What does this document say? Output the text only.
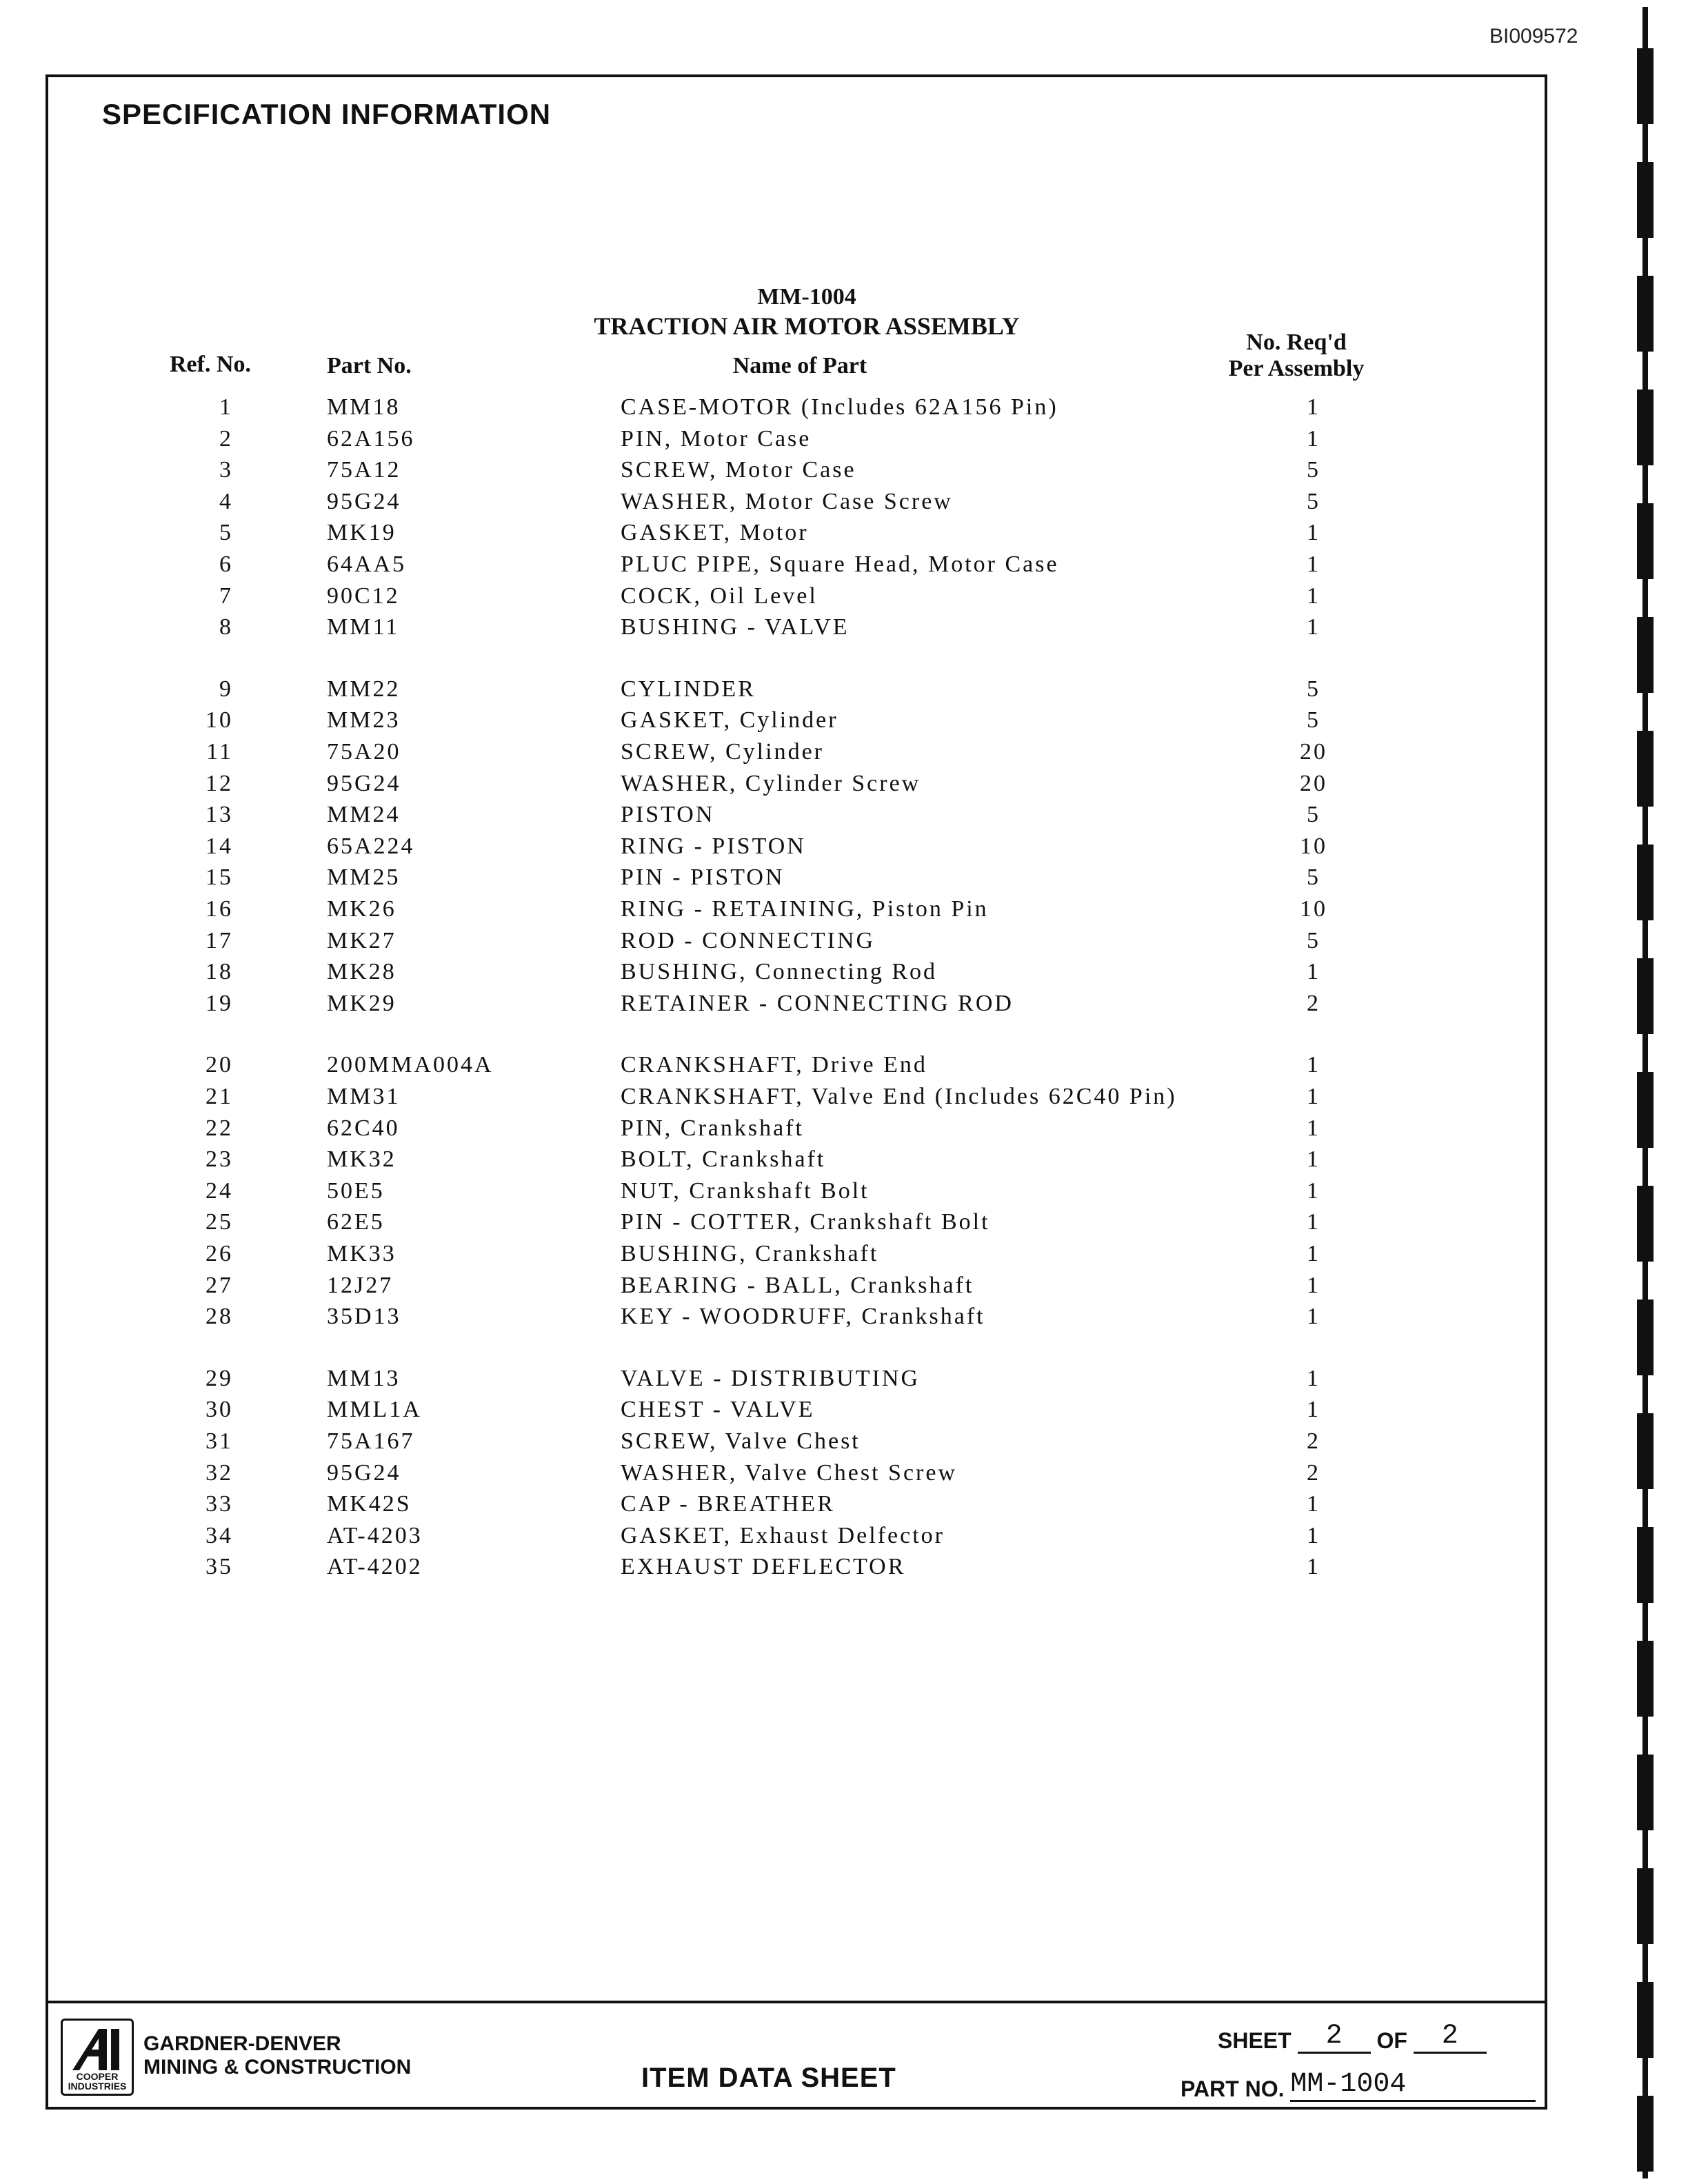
BI009572
SPECIFICATION INFORMATION
MM-1004
TRACTION AIR MOTOR ASSEMBLY
Ref. No.	Part No.	Name of Part
No. Req'd
Per Assembly
1	MM18	CASE-MOTOR (Includes 62A156 Pin)	1
2	62A156	PIN, Motor Case	1
3	75A12	SCREW, Motor Case	5
4	95G24	WASHER, Motor Case Screw	5
5	MK19	GASKET, Motor	1
6	64AA5	PLUC PIPE, Square Head, Motor Case	1
7	90C12	COCK, Oil Level	1
8	MM11	BUSHING - VALVE	1
9	MM22	CYLINDER	5
10	MM23	GASKET, Cylinder	5
11	75A20	SCREW, Cylinder	20
12	95G24	WASHER, Cylinder Screw	20
13	MM24	PISTON	5
14	65A224	RING - PISTON	10
15	MM25	PIN - PISTON	5
16	MK26	RING - RETAINING, Piston Pin	10
17	MK27	ROD - CONNECTING	5
18	MK28	BUSHING, Connecting Rod	1
19	MK29	RETAINER - CONNECTING ROD	2
20	200MMA004A	CRANKSHAFT, Drive End	1
21	MM31	CRANKSHAFT, Valve End (Includes 62C40 Pin)	1
22	62C40	PIN, Crankshaft	1
23	MK32	BOLT, Crankshaft	1
24	50E5	NUT, Crankshaft Bolt	1
25	62E5	PIN - COTTER, Crankshaft Bolt	1
26	MK33	BUSHING, Crankshaft	1
27	12J27	BEARING - BALL, Crankshaft	1
28	35D13	KEY - WOODRUFF, Crankshaft	1
29	MM13	VALVE - DISTRIBUTING	1
30	MML1A	CHEST - VALVE	1
31	75A167	SCREW, Valve Chest	2
32	95G24	WASHER, Valve Chest Screw	2
33	MK42S	CAP - BREATHER	1
34	AT-4203	GASKET, Exhaust Delfector	1
35	AT-4202	EXHAUST DEFLECTOR	1
COOPER INDUSTRIES
GARDNER-DENVER
MINING & CONSTRUCTION	ITEM DATA SHEET
SHEET 2 OF 2
PART NO. MM-1004
